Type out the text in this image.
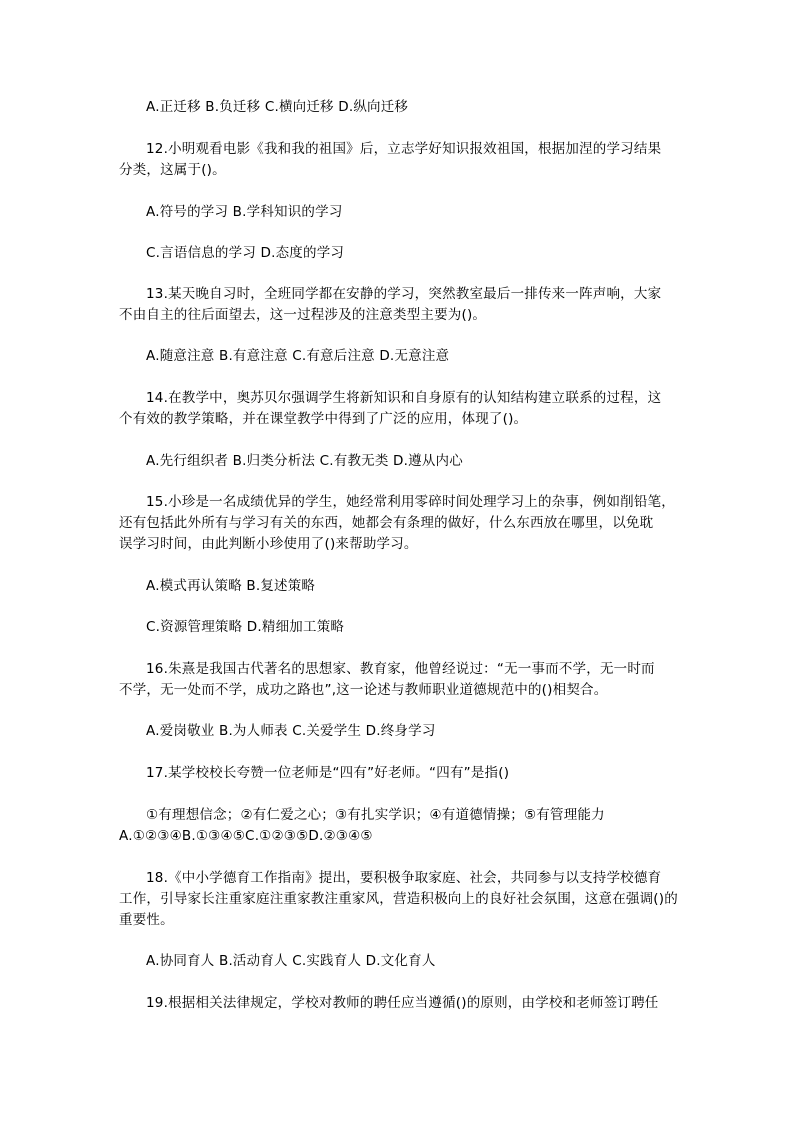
A.正迁移 B.负迁移 C.横向迁移 D.纵向迁移
12.小明观看电影《我和我的祖国》后，立志学好知识报效祖国，根据加涅的学习结果
分类，这属于()。
A.符号的学习 B.学科知识的学习
C.言语信息的学习 D.态度的学习
13.某天晚自习时，全班同学都在安静的学习，突然教室最后一排传来一阵声响，大家
不由自主的往后面望去，这一过程涉及的注意类型主要为()。
A.随意注意 B.有意注意 C.有意后注意 D.无意注意
14.在教学中，奥苏贝尔强调学生将新知识和自身原有的认知结构建立联系的过程，这
个有效的教学策略，并在课堂教学中得到了广泛的应用，体现了()。
A.先行组织者 B.归类分析法 C.有教无类 D.遵从内心
15.小珍是一名成绩优异的学生，她经常利用零碎时间处理学习上的杂事，例如削铅笔，
还有包括此外所有与学习有关的东西，她都会有条理的做好，什么东西放在哪里，以免耽
误学习时间，由此判断小珍使用了()来帮助学习。
A.模式再认策略 B.复述策略
C.资源管理策略 D.精细加工策略
16.朱熹是我国古代著名的思想家、教育家，他曾经说过：“无一事而不学，无一时而
不学，无一处而不学，成功之路也”,这一论述与教师职业道德规范中的()相契合。
A.爱岗敬业 B.为人师表 C.关爱学生 D.终身学习
17.某学校校长夸赞一位老师是“四有”好老师。“四有”是指()
①有理想信念；②有仁爱之心；③有扎实学识；④有道德情操；⑤有管理能力
A.①②③④B.①③④⑤C.①②③⑤D.②③④⑤
18.《中小学德育工作指南》提出，要积极争取家庭、社会，共同参与以支持学校德育
工作，引导家长注重家庭注重家教注重家风，营造积极向上的良好社会氛围，这意在强调()的
重要性。
A.协同育人 B.活动育人 C.实践育人 D.文化育人
19.根据相关法律规定，学校对教师的聘任应当遵循()的原则，由学校和老师签订聘任
